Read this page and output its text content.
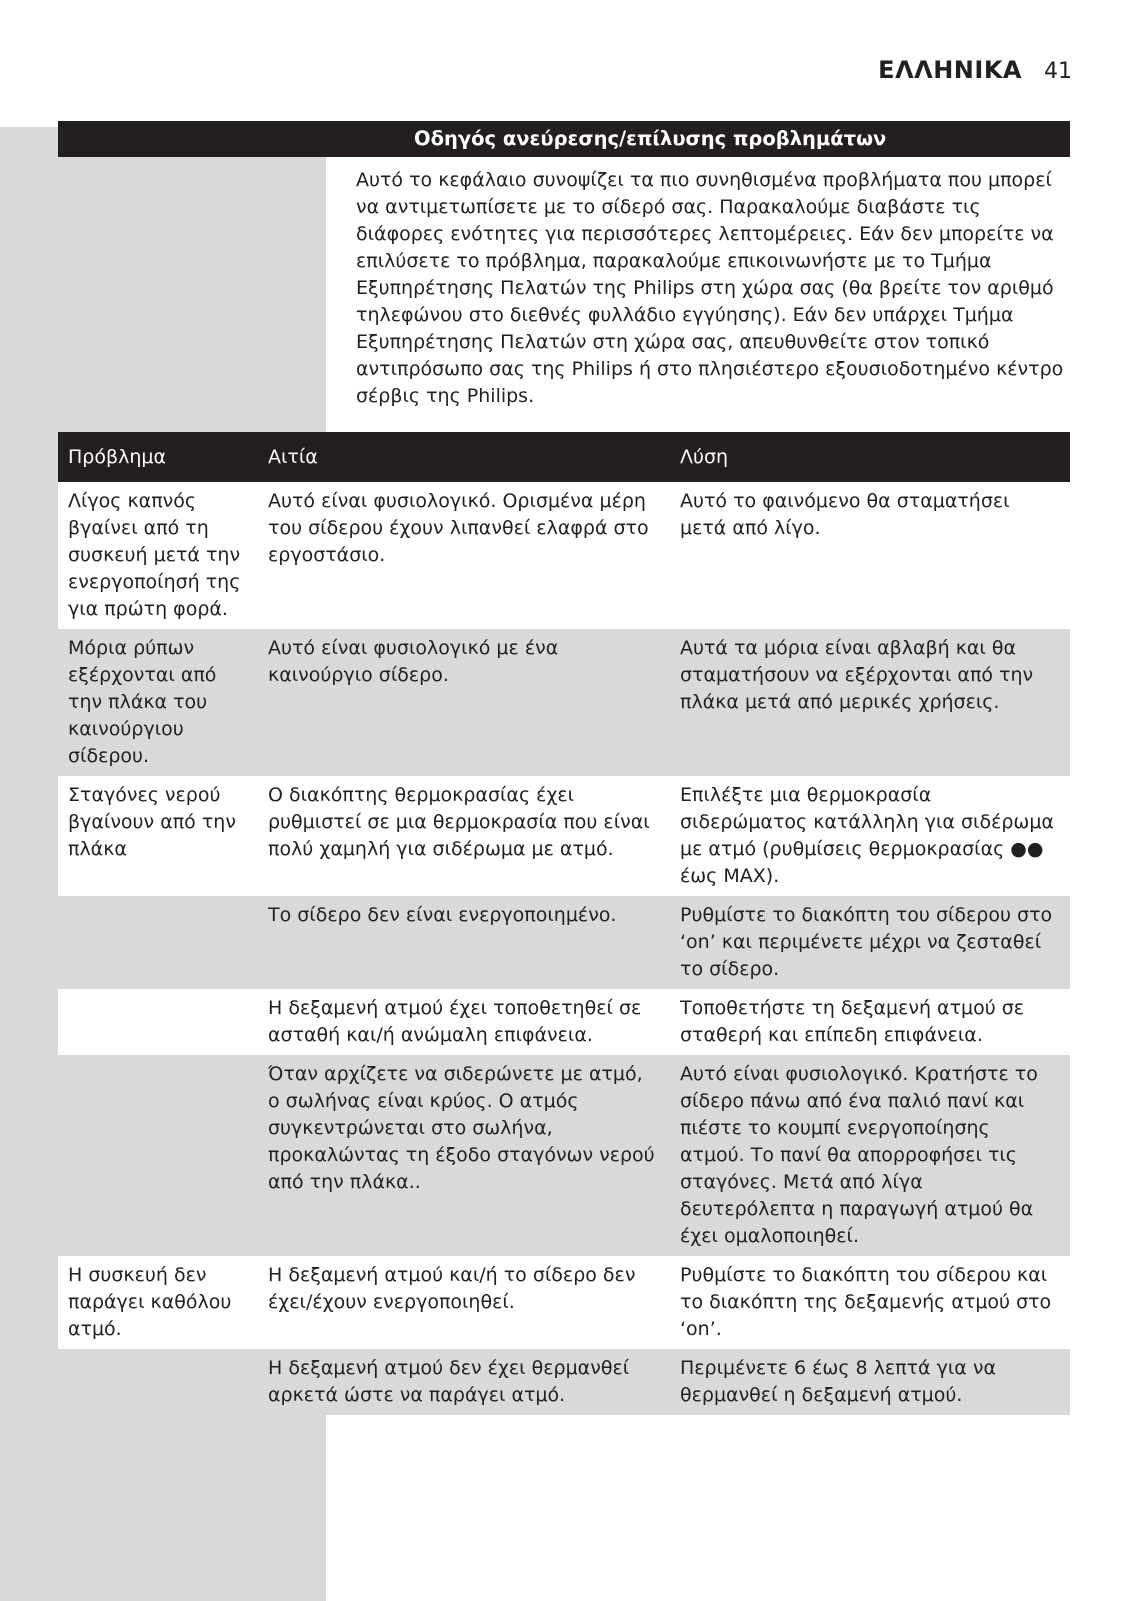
ΕΛΛΗΝΙΚΑ 41
Οδηγός ανεύρεσης/επίλυσης προβλημάτων

Αυτό το κεφάλαιο συνοψίζει τα πιο συνηθισμένα προβλήματα που μπορεί να αντιμετωπίσετε με το σίδερό σας. Παρακαλούμε διαβάστε τις διάφορες ενότητες για περισσότερες λεπτομέρειες. Εάν δεν μπορείτε να επιλύσετε το πρόβλημα, παρακαλούμε επικοινωνήστε με το Τμήμα Εξυπηρέτησης Πελατών της Philips στη χώρα σας (θα βρείτε τον αριθμό τηλεφώνου στο διεθνές φυλλάδιο εγγύησης). Εάν δεν υπάρχει Τμήμα Εξυπηρέτησης Πελατών στη χώρα σας, απευθυνθείτε στον τοπικό αντιπρόσωπο σας της Philips ή στο πλησιέστερο εξουσιοδοτημένο κέντρο σέρβις της Philips.

Πρόβλημα	Αιτία	Λύση
Λίγος καπνός βγαίνει από τη συσκευή μετά την ενεργοποίησή της για πρώτη φορά.	Αυτό είναι φυσιολογικό. Ορισμένα μέρη του σίδερου έχουν λιπανθεί ελαφρά στο εργοστάσιο.	Αυτό το φαινόμενο θα σταματήσει μετά από λίγο.
Μόρια ρύπων εξέρχονται από την πλάκα του καινούργιου σίδερου.	Αυτό είναι φυσιολογικό με ένα καινούργιο σίδερο.	Αυτά τα μόρια είναι αβλαβή και θα σταματήσουν να εξέρχονται από την πλάκα μετά από μερικές χρήσεις.
Σταγόνες νερού βγαίνουν από την πλάκα	Ο διακόπτης θερμοκρασίας έχει ρυθμιστεί σε μια θερμοκρασία που είναι πολύ χαμηλή για σιδέρωμα με ατμό.	Επιλέξτε μια θερμοκρασία σιδερώματος κατάλληλη για σιδέρωμα με ατμό (ρυθμίσεις θερμοκρασίας ●● έως MAX).
	Το σίδερο δεν είναι ενεργοποιημένο.	Ρυθμίστε το διακόπτη του σίδερου στο ‘on’ και περιμένετε μέχρι να ζεσταθεί το σίδερο.
	Η δεξαμενή ατμού έχει τοποθετηθεί σε ασταθή και/ή ανώμαλη επιφάνεια.	Τοποθετήστε τη δεξαμενή ατμού σε σταθερή και επίπεδη επιφάνεια.
	Όταν αρχίζετε να σιδερώνετε με ατμό, ο σωλήνας είναι κρύος. Ο ατμός συγκεντρώνεται στο σωλήνα, προκαλώντας τη έξοδο σταγόνων νερού από την πλάκα..	Αυτό είναι φυσιολογικό. Κρατήστε το σίδερο πάνω από ένα παλιό πανί και πιέστε το κουμπί ενεργοποίησης ατμού. Το πανί θα απορροφήσει τις σταγόνες. Μετά από λίγα δευτερόλεπτα η παραγωγή ατμού θα έχει ομαλοποιηθεί.
Η συσκευή δεν παράγει καθόλου ατμό.	Η δεξαμενή ατμού και/ή το σίδερο δεν έχει/έχουν ενεργοποιηθεί.	Ρυθμίστε το διακόπτη του σίδερου και το διακόπτη της δεξαμενής ατμού στο ‘on’.
	Η δεξαμενή ατμού δεν έχει θερμανθεί αρκετά ώστε να παράγει ατμό.	Περιμένετε 6 έως 8 λεπτά για να θερμανθεί η δεξαμενή ατμού.
